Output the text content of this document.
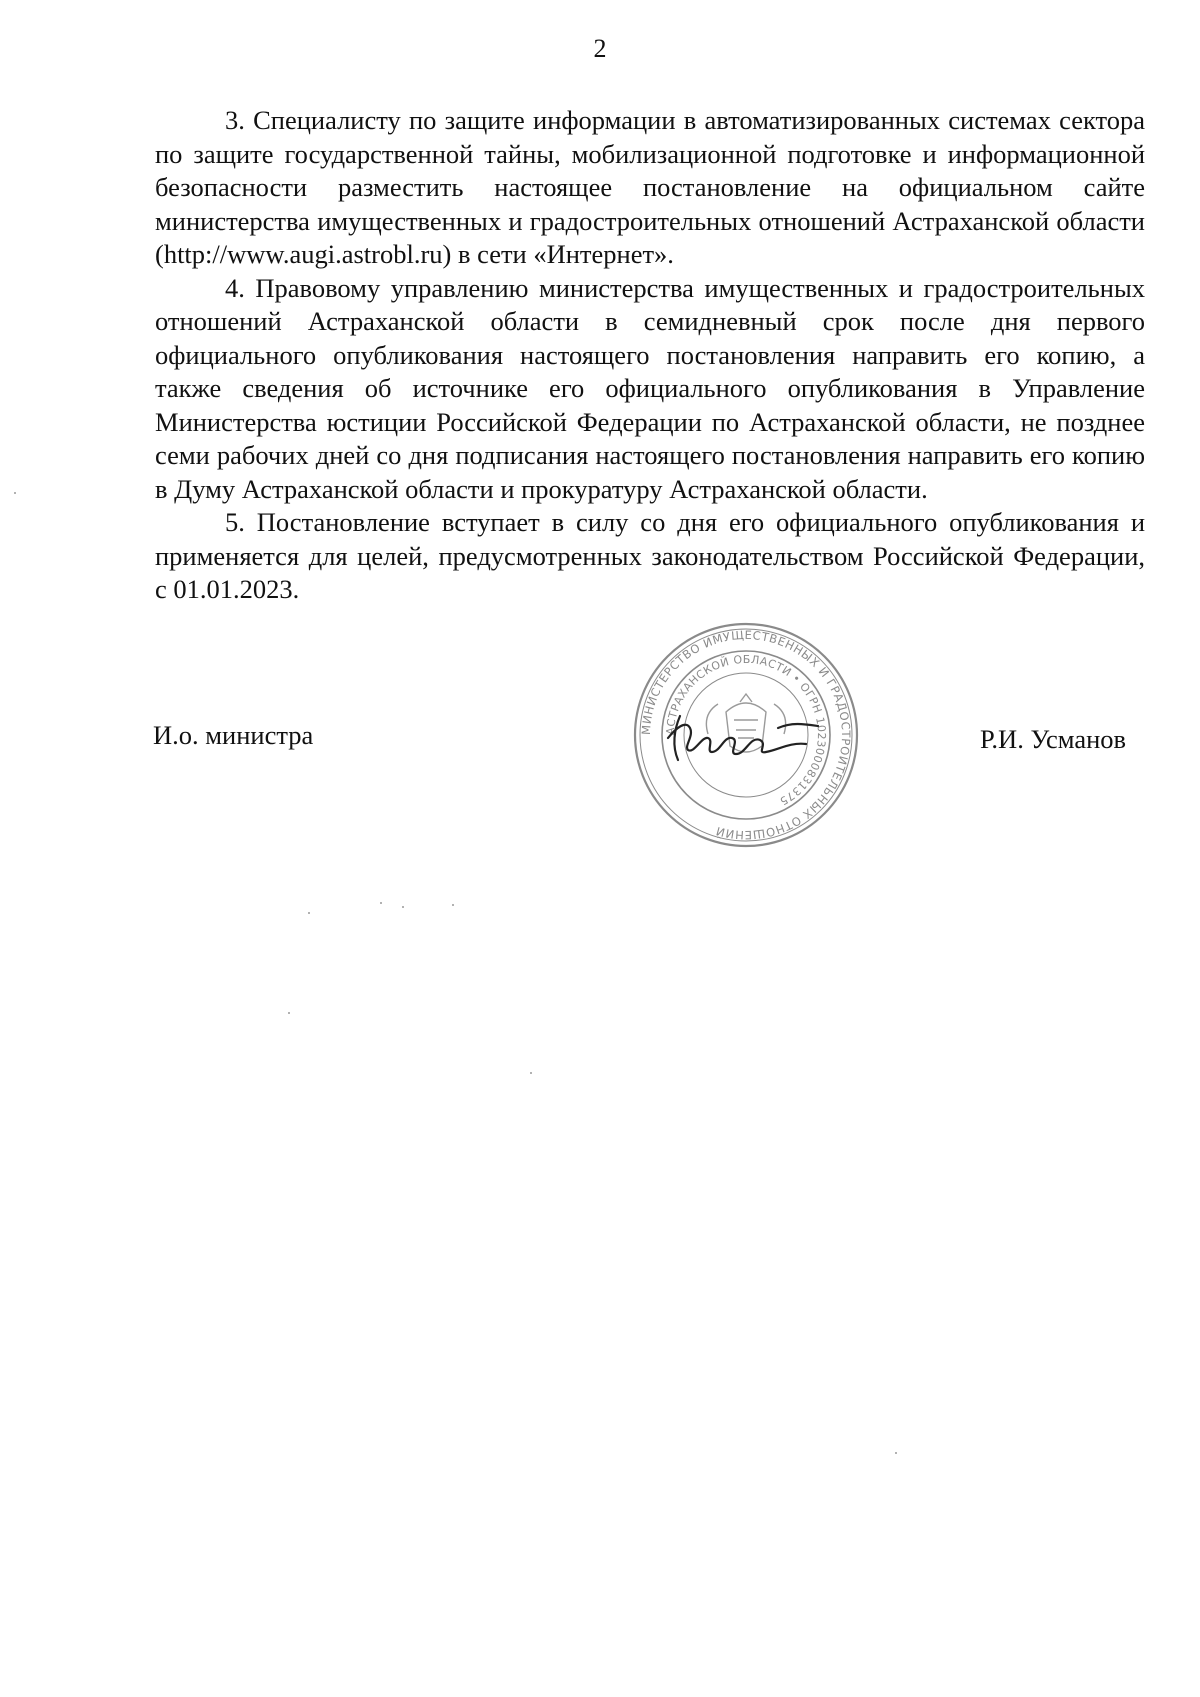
2

3. Специалисту по защите информации в автоматизированных системах сектора по защите государственной тайны, мобилизационной подготовке и информационной безопасности разместить настоящее постановление на официальном сайте министерства имущественных и градостроительных отношений Астраханской области (http://www.augi.astrobl.ru) в сети «Интернет».

4. Правовому управлению министерства имущественных и градостроительных отношений Астраханской области в семидневный срок после дня первого официального опубликования настоящего постановления направить его копию, а также сведения об источнике его официального опубликования в Управление Министерства юстиции Российской Федерации по Астраханской области, не позднее семи рабочих дней со дня подписания настоящего постановления направить его копию в Думу Астраханской области и прокуратуру Астраханской области.

5. Постановление вступает в силу со дня его официального опубликования и применяется для целей, предусмотренных законодательством Российской Федерации, с 01.01.2023.

И.о. министра	МИНИСТЕРСТВО ИМУЩЕСТВЕННЫХ И ГРАДОСТРОИТЕЛЬНЫХ ОТНОШЕНИЙ
АСТРАХАНСКОЙ ОБЛАСТИ • ОГРН 1023000831375
Р.И. Усманов
